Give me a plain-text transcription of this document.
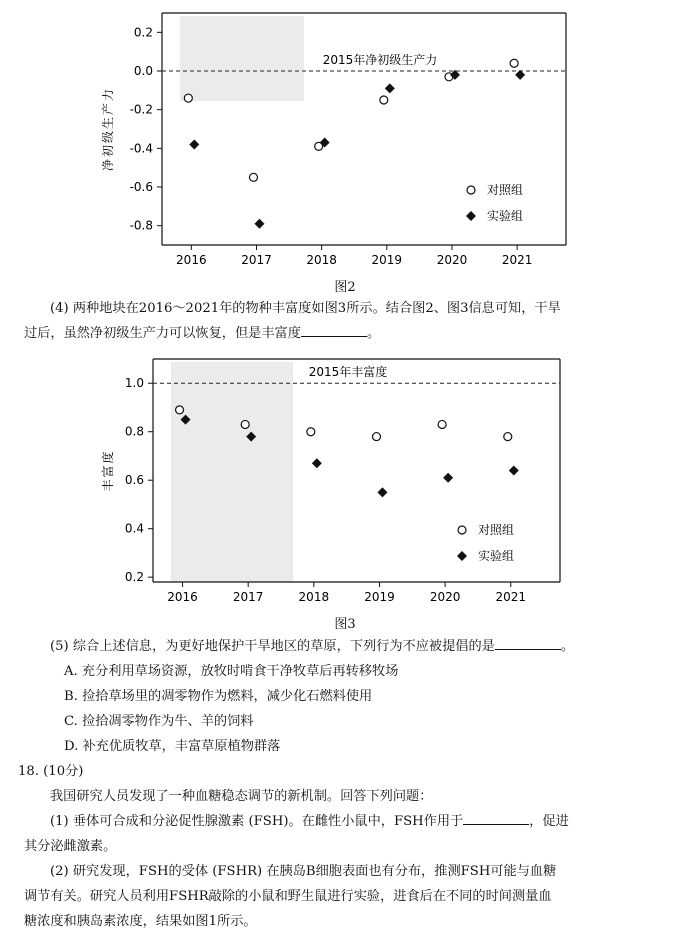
0.2
0.0
-0.2
-0.4
-0.6
-0.8
2016	2017	2018	2019	2020	2021
2015年净初级生产力
净初级生产力
对照组
实验组
图2
(4) 两种地块在2016～2021年的物种丰富度如图3所示。结合图2、图3信息可知，干旱
过后，虽然净初级生产力可以恢复，但是丰富度	。
1.0
0.8
0.6
0.4
0.2
2016	2017	2018	2019	2020	2021
2015年丰富度
丰富度
对照组
实验组
图3
(5) 综合上述信息，为更好地保护干旱地区的草原，下列行为不应被提倡的是	。
A. 充分利用草场资源，放牧时啃食干净牧草后再转移牧场
B. 捡拾草场里的凋零物作为燃料，减少化石燃料使用
C. 捡拾凋零物作为牛、羊的饲料
D. 补充优质牧草，丰富草原植物群落
18. (10分)
我国研究人员发现了一种血糖稳态调节的新机制。回答下列问题：
(1) 垂体可合成和分泌促性腺激素 (FSH)。在雌性小鼠中，FSH作用于	，促进
其分泌雌激素。
(2) 研究发现，FSH的受体 (FSHR) 在胰岛B细胞表面也有分布，推测FSH可能与血糖
调节有关。研究人员利用FSHR敲除的小鼠和野生鼠进行实验，进食后在不同的时间测量血
糖浓度和胰岛素浓度，结果如图1所示。
